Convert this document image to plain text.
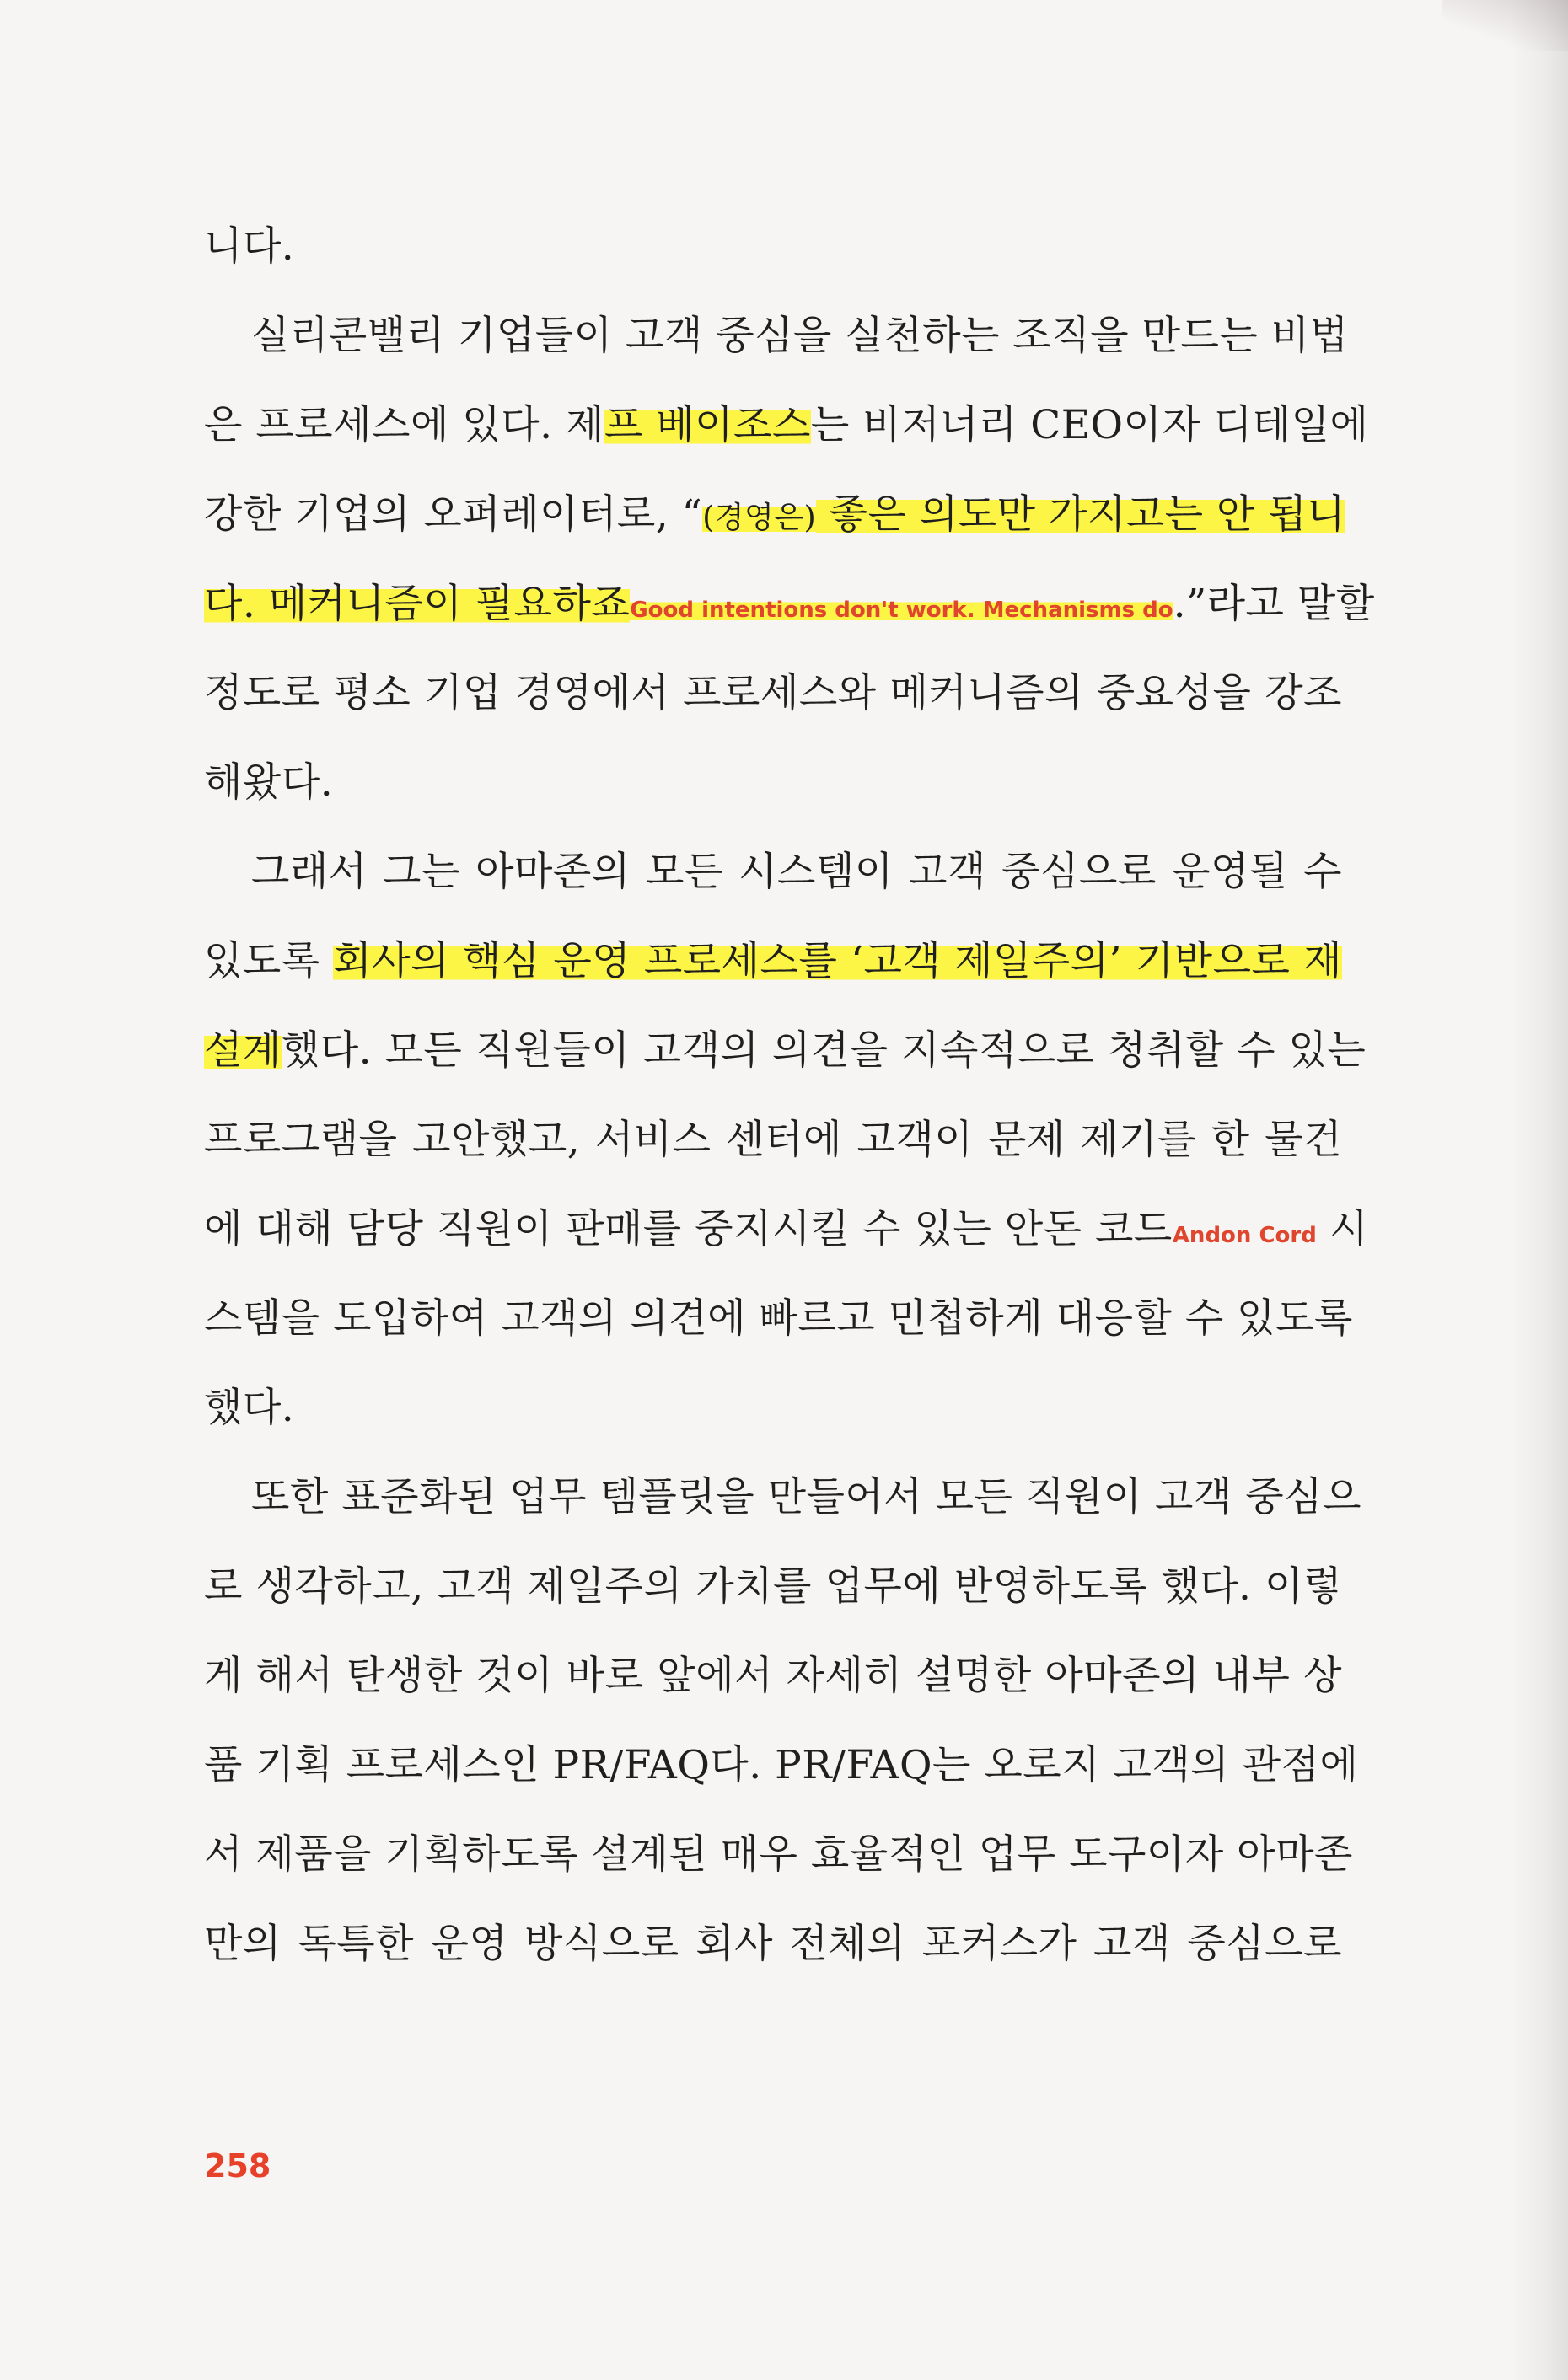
니다.
실리콘밸리 기업들이 고객 중심을 실천하는 조직을 만드는 비법
은 프로세스에 있다. 제프 베이조스는 비저너리 CEO이자 디테일에
강한 기업의 오퍼레이터로, “(경영은) 좋은 의도만 가지고는 안 됩니
다. 메커니즘이 필요하죠Good intentions don't work. Mechanisms do.”라고 말할
정도로 평소 기업 경영에서 프로세스와 메커니즘의 중요성을 강조
해왔다.
그래서 그는 아마존의 모든 시스템이 고객 중심으로 운영될 수
있도록 회사의 핵심 운영 프로세스를 ‘고객 제일주의’ 기반으로 재
설계했다. 모든 직원들이 고객의 의견을 지속적으로 청취할 수 있는
프로그램을 고안했고, 서비스 센터에 고객이 문제 제기를 한 물건
에 대해 담당 직원이 판매를 중지시킬 수 있는 안돈 코드Andon Cord 시
스템을 도입하여 고객의 의견에 빠르고 민첩하게 대응할 수 있도록
했다.
또한 표준화된 업무 템플릿을 만들어서 모든 직원이 고객 중심으
로 생각하고, 고객 제일주의 가치를 업무에 반영하도록 했다. 이렇
게 해서 탄생한 것이 바로 앞에서 자세히 설명한 아마존의 내부 상
품 기획 프로세스인 PR/FAQ다. PR/FAQ는 오로지 고객의 관점에
서 제품을 기획하도록 설계된 매우 효율적인 업무 도구이자 아마존
만의 독특한 운영 방식으로 회사 전체의 포커스가 고객 중심으로
258
